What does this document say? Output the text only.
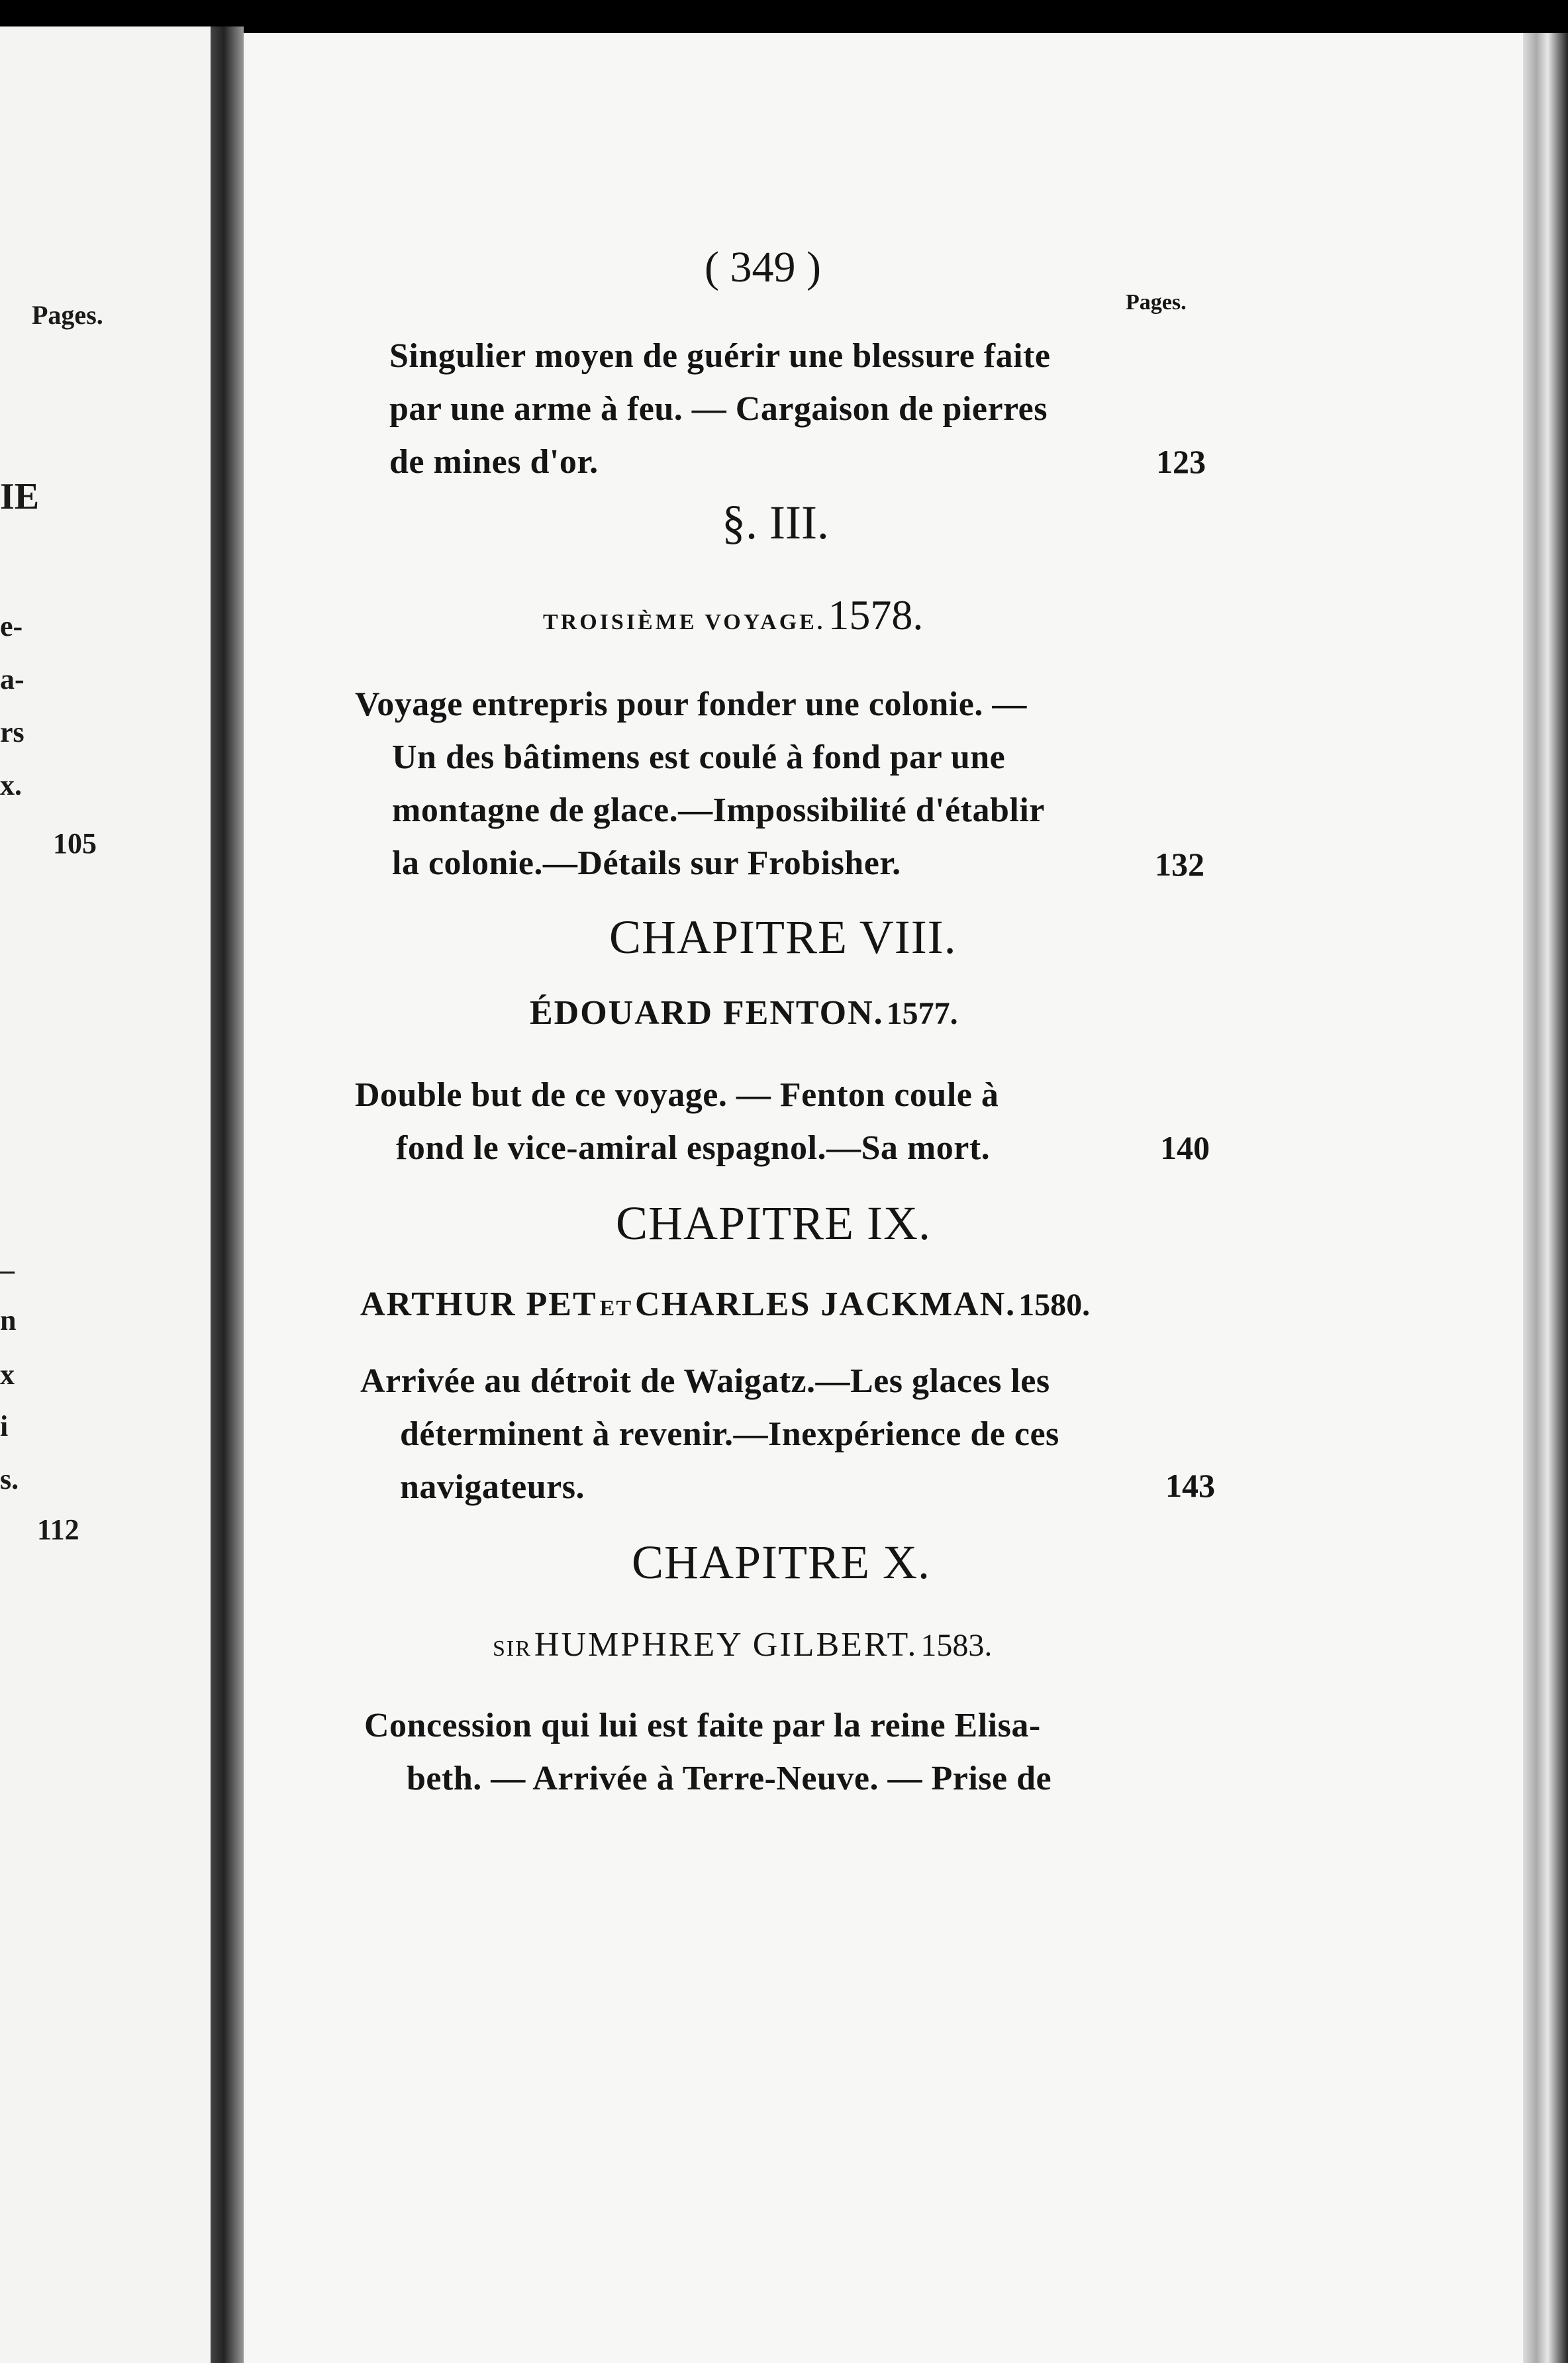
Pages.
IE
e-
a-
rs
x.
105
–
n
x
i
s.
112
( 349 )
Pages.
Singulier moyen de guérir une blessure faite
par une arme à feu. — Cargaison de pierres
de mines d'or.	123
§. III.
TROISIÈME VOYAGE. 1578.
Voyage entrepris pour fonder une colonie. —
Un des bâtimens est coulé à fond par une
montagne de glace.—Impossibilité d'établir
la colonie.—Détails sur Frobisher.	132
CHAPITRE VIII.
ÉDOUARD FENTON. 1577.
Double but de ce voyage. — Fenton coule à
fond le vice-amiral espagnol.—Sa mort.	140
CHAPITRE IX.
ARTHUR PET ET CHARLES JACKMAN. 1580.
Arrivée au détroit de Waigatz.—Les glaces les
déterminent à revenir.—Inexpérience de ces
navigateurs.	143
CHAPITRE X.
SIR HUMPHREY GILBERT. 1583.
Concession qui lui est faite par la reine Elisa-
beth. — Arrivée à Terre-Neuve. — Prise de
